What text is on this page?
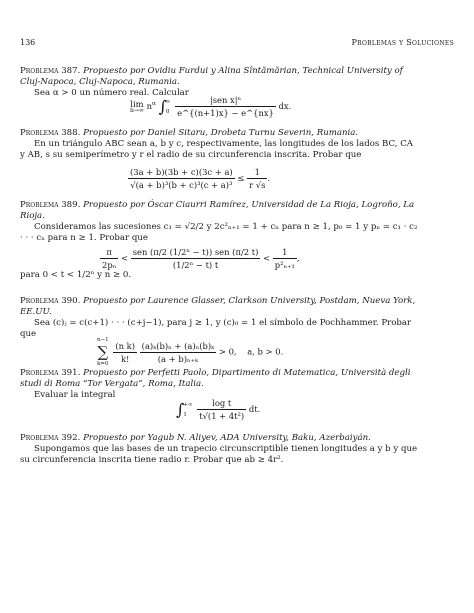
136	Problemas y Soluciones

Problema 387. Propuesto por Ovidiu Furdui y Alina Sîntămărian, Technical University of Cluj-Napoca, Cluj-Napoca, Rumania.

Sea α > 0 un número real. Calcular

lim
n→∞ $n^\alpha$ ∫ ∞
0
$\frac{\text{|sen x|ⁿ}}{e\^{}\{(n+1)x\} - e\^{}\{nx\}}$ dx.

Problema 388. Propuesto por Daniel Sitaru, Drobeta Turnu Severin, Rumania.

En un triángulo ABC sean a, b y c, respectivamente, las longitudes de los lados BC, CA y AB, s su semiperímetro y r el radio de su circunferencia inscrita. Probar que

$\frac{(3a + b)(3b + c)(3c + a)}{\text{√(a + b)³(b + c)³(c + a)³}} \le \frac{1}{r √s}$ .

Problema 389. Propuesto por Óscar Ciaurri Ramírez, Universidad de La Rioja, Logroño, La Rioja.

Consideramos las sucesiones c₁ = √2/2 y 2c²ₙ₊₁ = 1 + cₙ para n ≥ 1, p₀ = 1 y pₙ = c₁ · c₂ · · · cₙ para n ≥ 1. Probar que

$\frac{\pi}{\text{2pₙ}} < \frac{\text{sen (π/2 (1/2ⁿ − t)) sen (π/2 t)}}{\text{(1/2ⁿ − t) t}} < \frac{1}{\text{p²ₙ₊₁}}$ ,

para 0 < t < 1/2ⁿ y n ≥ 0.

Problema 390. Propuesto por Laurence Glasser, Clarkson University, Postdam, Nueva York, EE.UU.

Sea (c)ⱼ = c(c+1) · · · (c+j−1), para j ≥ 1, y (c)₀ = 1 el símbolo de Pochhammer. Probar que

n−1
∑
k=0

$\frac{\text{(n k)}}{k!}$
$\frac{\text{(a)ₖ(b)ₙ + (a)ₙ(b)ₖ}}{\text{(a + b)ₙ₊ₖ}} > 0$, a, b > 0.

Problema 391. Propuesto por Perfetti Paolo, Dipartimento di Matematica, Università degli studi di Roma “Tor Vergata”, Roma, Italia.

Evaluar la integral

∫ +∞
1
	$\frac{\text{log t}}{\text{t√(1 + 4t²)}}$ dt.

Problema 392. Propuesto por Yagub N. Aliyev, ADA University, Baku, Azerbaiyán.

Supongamos que las bases de un trapecio circunscriptible tienen longitudes a y b y que su circunferencia inscrita tiene radio r. Probar que ab ≥ 4r².
